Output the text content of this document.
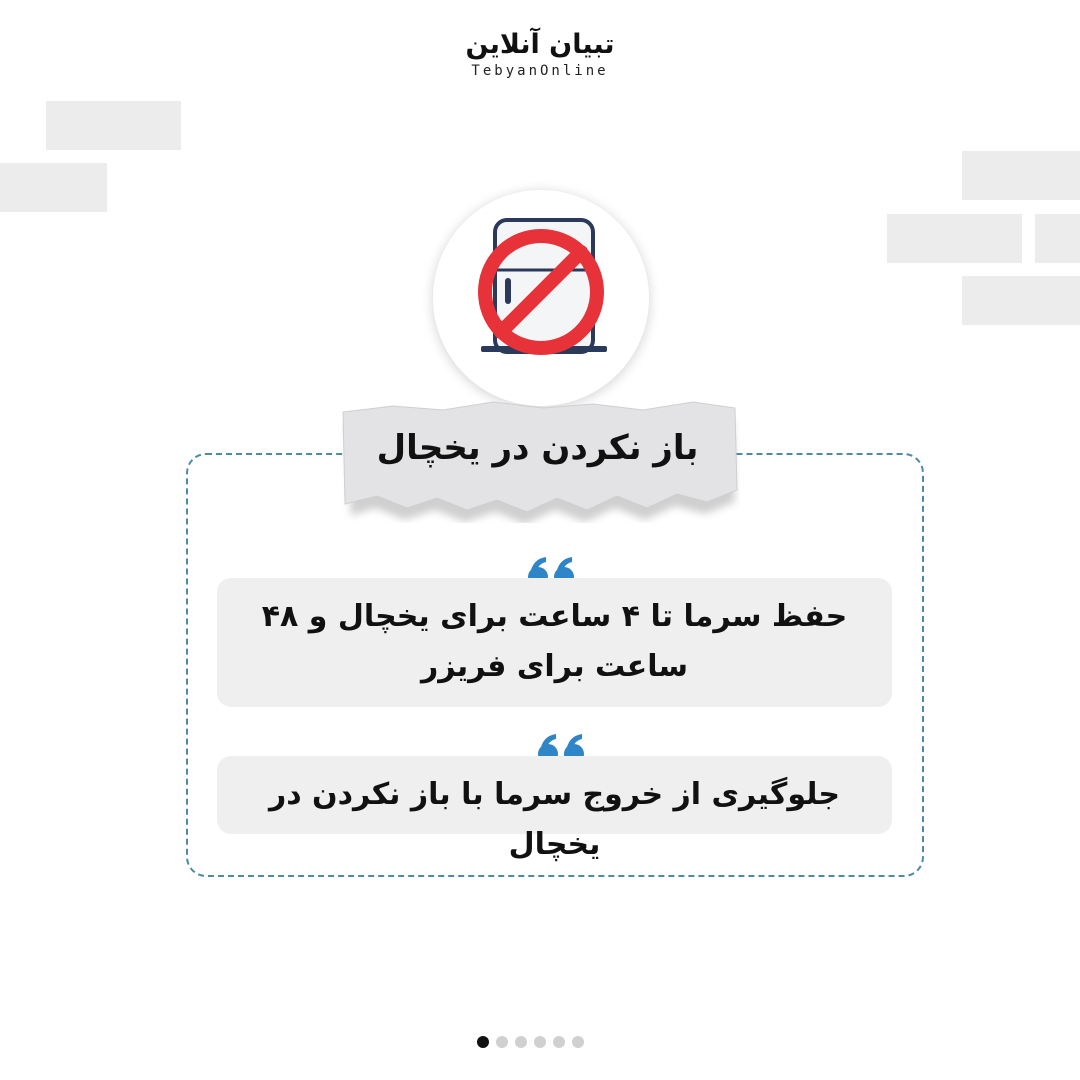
تبیان آنلاین
TebyanOnline
باز نکردن در یخچال
حفظ سرما تا ۴ ساعت برای یخچال و ۴۸ ساعت برای فریزر
جلوگیری از خروج سرما با باز نکردن در یخچال
